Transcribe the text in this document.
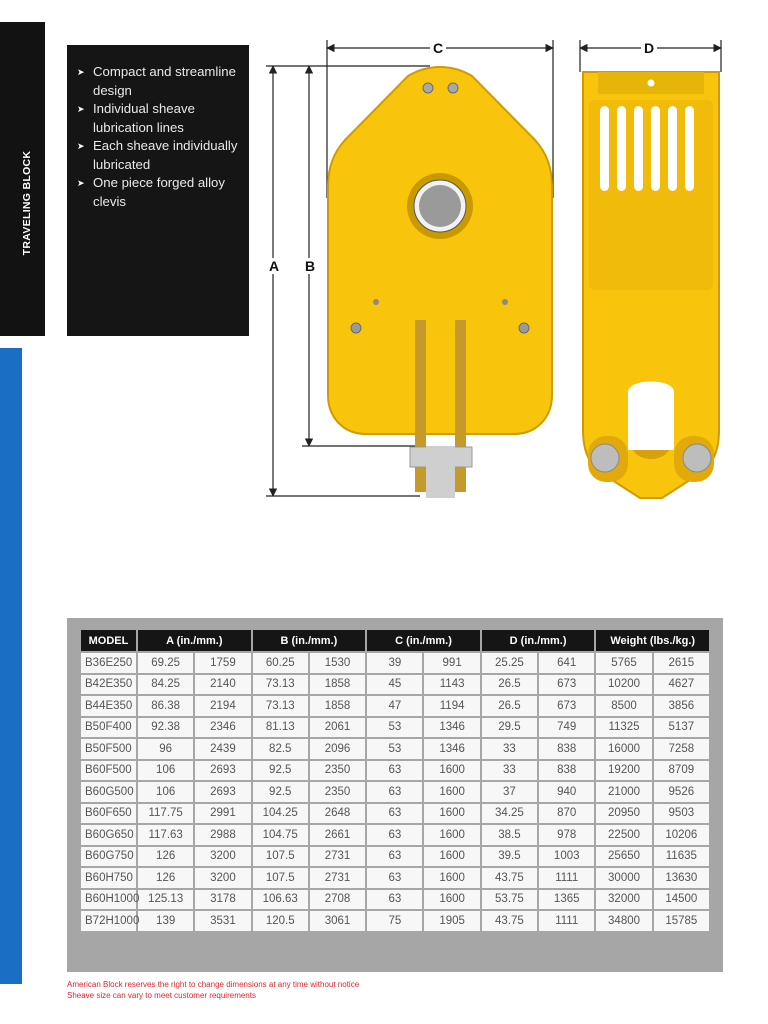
TRAVELING BLOCK
➤ Compact and streamline design
➤ Individual sheave lubrication lines
➤ Each sheave individually lubricated
➤ One piece forged alloy clevis
A B
C	D
MODEL	A (in./mm.)		B (in./mm.)		C (in./mm.)		D (in./mm.)		Weight (lbs./kg.)	
B36E250	69.25	1759	60.25	1530	39	991	25.25	641	5765	2615
B42E350	84.25	2140	73.13	1858	45	1143	26.5	673	10200	4627
B44E350	86.38	2194	73.13	1858	47	1194	26.5	673	8500	3856
B50F400	92.38	2346	81.13	2061	53	1346	29.5	749	11325	5137
B50F500	96	2439	82.5	2096	53	1346	33	838	16000	7258
B60F500	106	2693	92.5	2350	63	1600	33	838	19200	8709
B60G500	106	2693	92.5	2350	63	1600	37	940	21000	9526
B60F650	117.75	2991	104.25	2648	63	1600	34.25	870	20950	9503
B60G650	117.63	2988	104.75	2661	63	1600	38.5	978	22500	10206
B60G750	126	3200	107.5	2731	63	1600	39.5	1003	25650	11635
B60H750	126	3200	107.5	2731	63	1600	43.75	1111	30000	13630
B60H1000	125.13	3178	106.63	2708	63	1600	53.75	1365	32000	14500
B72H1000	139	3531	120.5	3061	75	1905	43.75	1111	34800	15785
American Block reserves the right to change dimensions at any time without notice
Sheave size can vary to meet customer requirements
